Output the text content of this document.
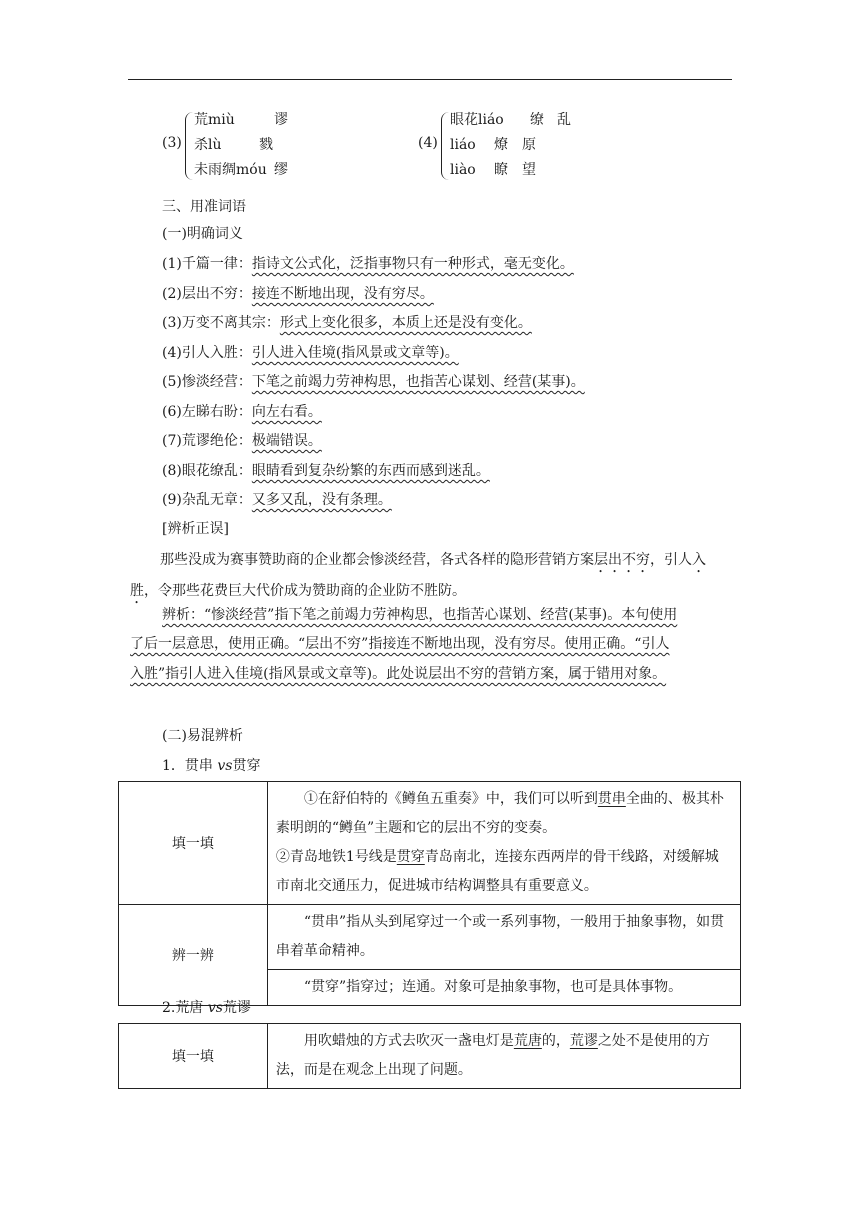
(3)
荒miù	谬
杀lù	戮
未雨绸móu 缪
(4)
眼花liáo 缭 乱
liáo 燎 原
liào 瞭 望
三、用准词语
(一)明确词义
(1)千篇一律：指诗文公式化，泛指事物只有一种形式，毫无变化。
(2)层出不穷：接连不断地出现，没有穷尽。
(3)万变不离其宗：形式上变化很多，本质上还是没有变化。
(4)引人入胜：引人进入佳境(指风景或文章等)。
(5)惨淡经营：下笔之前竭力劳神构思，也指苦心谋划、经营(某事)。
(6)左睇右盼：向左右看。
(7)荒谬绝伦：极端错误。
(8)眼花缭乱：眼睛看到复杂纷繁的东西而感到迷乱。
(9)杂乱无章：又多又乱，没有条理。
[辨析正误]
那些没成为赛事赞助商的企业都会惨淡经营，各式各样的隐形营销方案层出不穷，引人入胜，令那些花费巨大代价成为赞助商的企业防不胜防。
辨析：“惨淡经营”指下笔之前竭力劳神构思，也指苦心谋划、经营(某事)。本句使用
了后一层意思，使用正确。“层出不穷”指接连不断地出现，没有穷尽。使用正确。“引人
入胜”指引人进入佳境(指风景或文章等)。此处说层出不穷的营销方案，属于错用对象。
(二)易混辨析
1．贯串 vs贯穿
填一填	①在舒伯特的《鳟鱼五重奏》中，我们可以听到贯串全曲的、极其朴素明朗的“鳟鱼”主题和它的层出不穷的变奏。
②青岛地铁1号线是贯穿青岛南北，连接东西两岸的骨干线路，对缓解城市南北交通压力，促进城市结构调整具有重要意义。

辨一辨	“贯串”指从头到尾穿过一个或一系列事物，一般用于抽象事物，如贯串着革命精神。
	“贯穿”指穿过；连通。对象可是抽象事物，也可是具体事物。
2.荒唐 vs荒谬
填一填	用吹蜡烛的方式去吹灭一盏电灯是荒唐的，荒谬之处不是使用的方法，而是在观念上出现了问题。
